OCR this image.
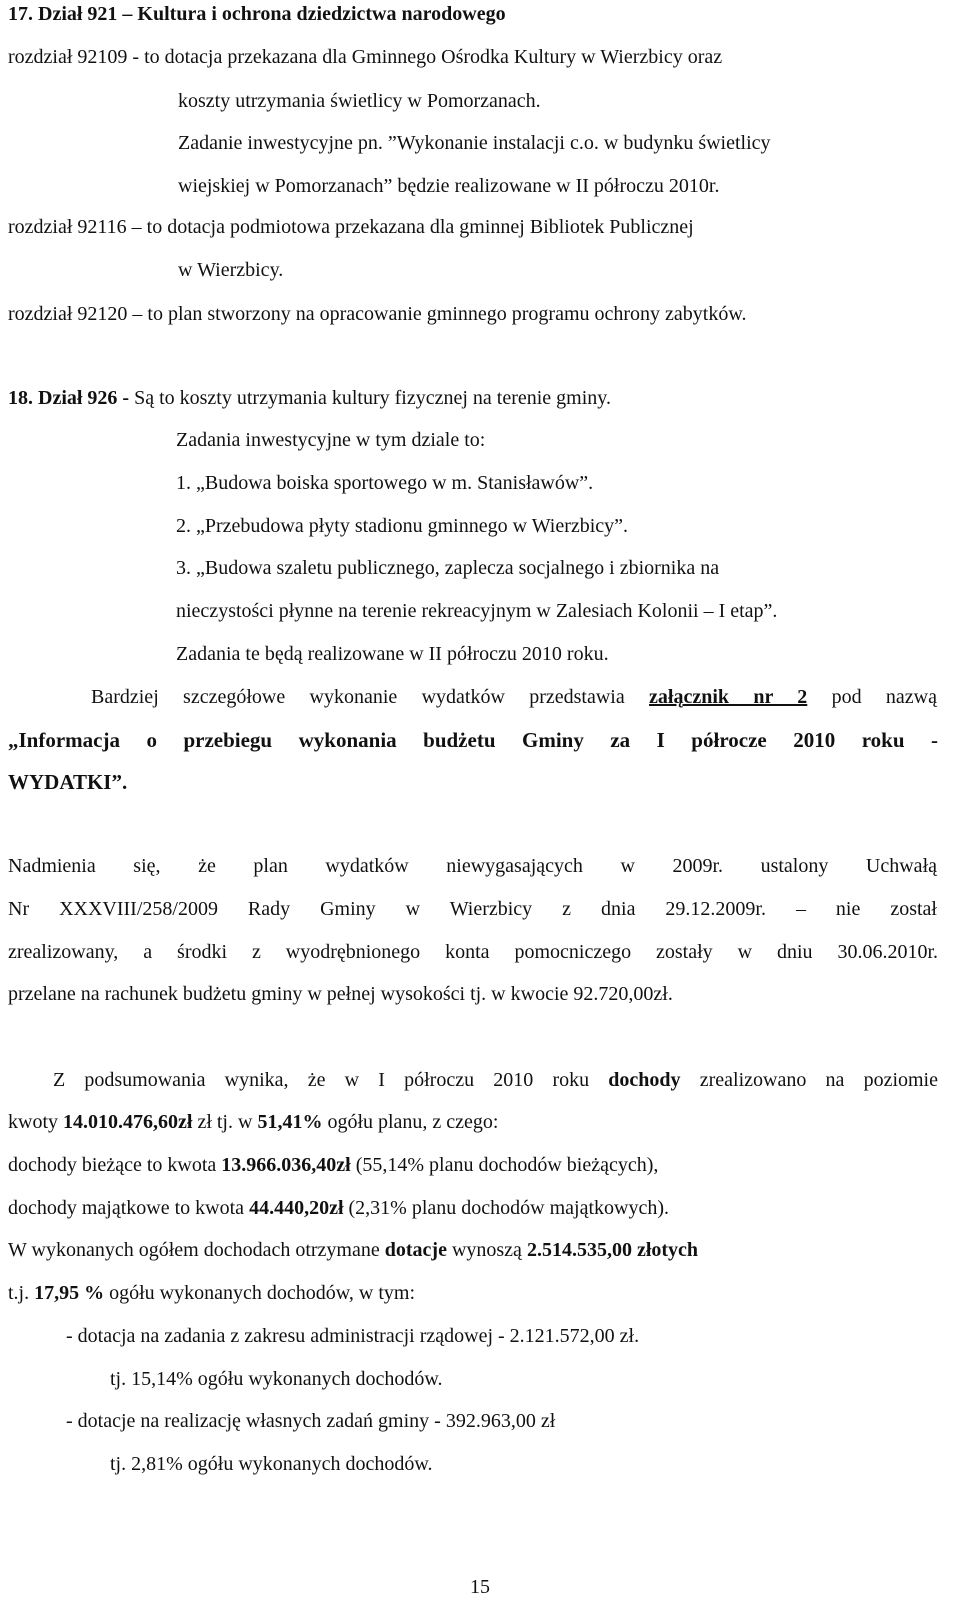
17. Dział 921 – Kultura i ochrona dziedzictwa narodowego
rozdział 92109 - to dotacja przekazana dla Gminnego Ośrodka Kultury w Wierzbicy oraz
koszty utrzymania świetlicy w Pomorzanach.
Zadanie inwestycyjne pn. ”Wykonanie instalacji c.o. w budynku świetlicy
wiejskiej w Pomorzanach” będzie realizowane w II półroczu 2010r.
rozdział 92116 – to dotacja podmiotowa przekazana dla gminnej Bibliotek Publicznej
w Wierzbicy.
rozdział 92120 – to plan stworzony na opracowanie gminnego programu ochrony zabytków.
18. Dział 926 - Są to koszty utrzymania kultury fizycznej na terenie gminy.
Zadania inwestycyjne w tym dziale to:
1. „Budowa boiska sportowego w m. Stanisławów”.
2. „Przebudowa płyty stadionu gminnego w Wierzbicy”.
3. „Budowa szaletu publicznego, zaplecza socjalnego i zbiornika na
nieczystości płynne na terenie rekreacyjnym w Zalesiach Kolonii – I etap”.
Zadania te będą realizowane w II półroczu 2010 roku.
Bardziej szczegółowe wykonanie wydatków przedstawia załącznik nr 2 pod nazwą
„Informacja o przebiegu wykonania budżetu Gminy za I półrocze 2010 roku -
WYDATKI”.
Nadmienia się, że plan wydatków niewygasających w 2009r. ustalony Uchwałą
Nr XXXVIII/258/2009 Rady Gminy w Wierzbicy z dnia 29.12.2009r. – nie został
zrealizowany, a środki z wyodrębnionego konta pomocniczego zostały w dniu 30.06.2010r.
przelane na rachunek budżetu gminy w pełnej wysokości tj. w kwocie 92.720,00zł.
Z podsumowania wynika, że w I półroczu 2010 roku dochody zrealizowano na poziomie
kwoty 14.010.476,60zł zł tj. w 51,41% ogółu planu, z czego:
dochody bieżące to kwota 13.966.036,40zł (55,14% planu dochodów bieżących),
dochody majątkowe to kwota 44.440,20zł (2,31% planu dochodów majątkowych).
W wykonanych ogółem dochodach otrzymane dotacje wynoszą 2.514.535,00 złotych
t.j. 17,95 % ogółu wykonanych dochodów, w tym:
- dotacja na zadania z zakresu administracji rządowej - 2.121.572,00 zł.
tj. 15,14% ogółu wykonanych dochodów.
- dotacje na realizację własnych zadań gminy - 392.963,00 zł
tj. 2,81% ogółu wykonanych dochodów.
15
